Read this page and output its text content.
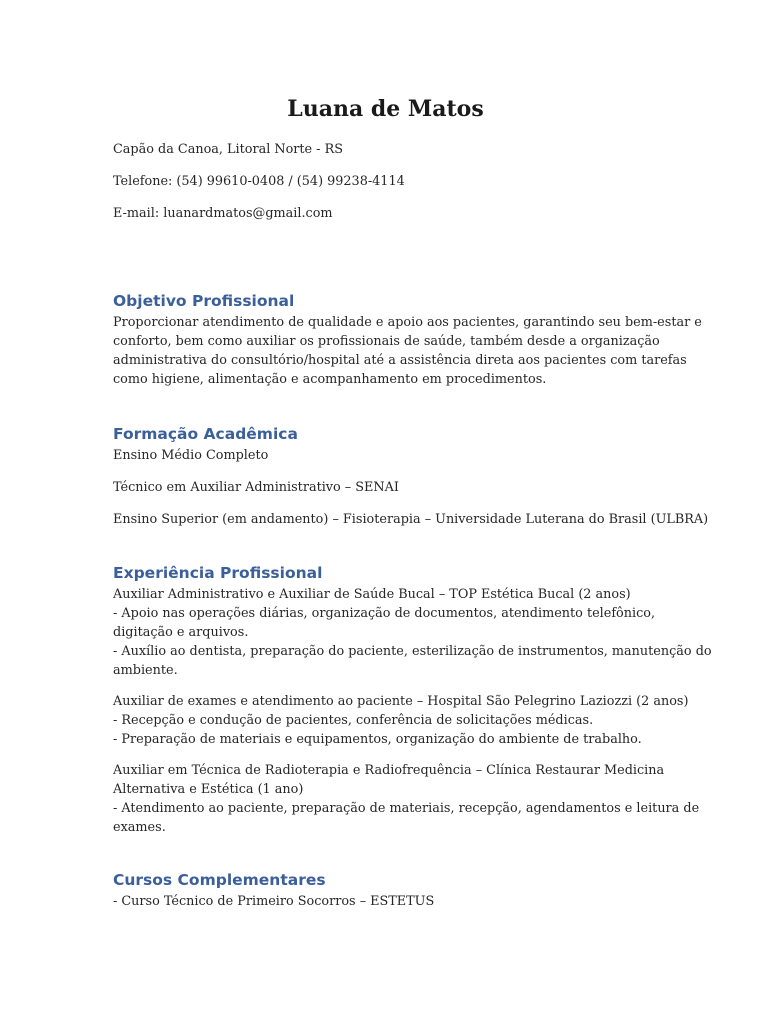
Luana de Matos

Capão da Canoa, Litoral Norte - RS

Telefone: (54) 99610-0408 / (54) 99238-4114

E-mail: luanardmatos@gmail.com

Objetivo Profissional
Proporcionar atendimento de qualidade e apoio aos pacientes, garantindo seu bem-estar e
conforto, bem como auxiliar os profissionais de saúde, também desde a organização
administrativa do consultório/hospital até a assistência direta aos pacientes com tarefas
como higiene, alimentação e acompanhamento em procedimentos.
Formação Acadêmica

Ensino Médio Completo

Técnico em Auxiliar Administrativo – SENAI

Ensino Superior (em andamento) – Fisioterapia – Universidade Luterana do Brasil (ULBRA)

Experiência Profissional
Auxiliar Administrativo e Auxiliar de Saúde Bucal – TOP Estética Bucal (2 anos)
- Apoio nas operações diárias, organização de documentos, atendimento telefônico,
digitação e arquivos.
- Auxílio ao dentista, preparação do paciente, esterilização de instrumentos, manutenção do
ambiente.
Auxiliar de exames e atendimento ao paciente – Hospital São Pelegrino Laziozzi (2 anos)
- Recepção e condução de pacientes, conferência de solicitações médicas.
- Preparação de materiais e equipamentos, organização do ambiente de trabalho.
Auxiliar em Técnica de Radioterapia e Radiofrequência – Clínica Restaurar Medicina
Alternativa e Estética (1 ano)
- Atendimento ao paciente, preparação de materiais, recepção, agendamentos e leitura de
exames.
Cursos Complementares

- Curso Técnico de Primeiro Socorros – ESTETUS
